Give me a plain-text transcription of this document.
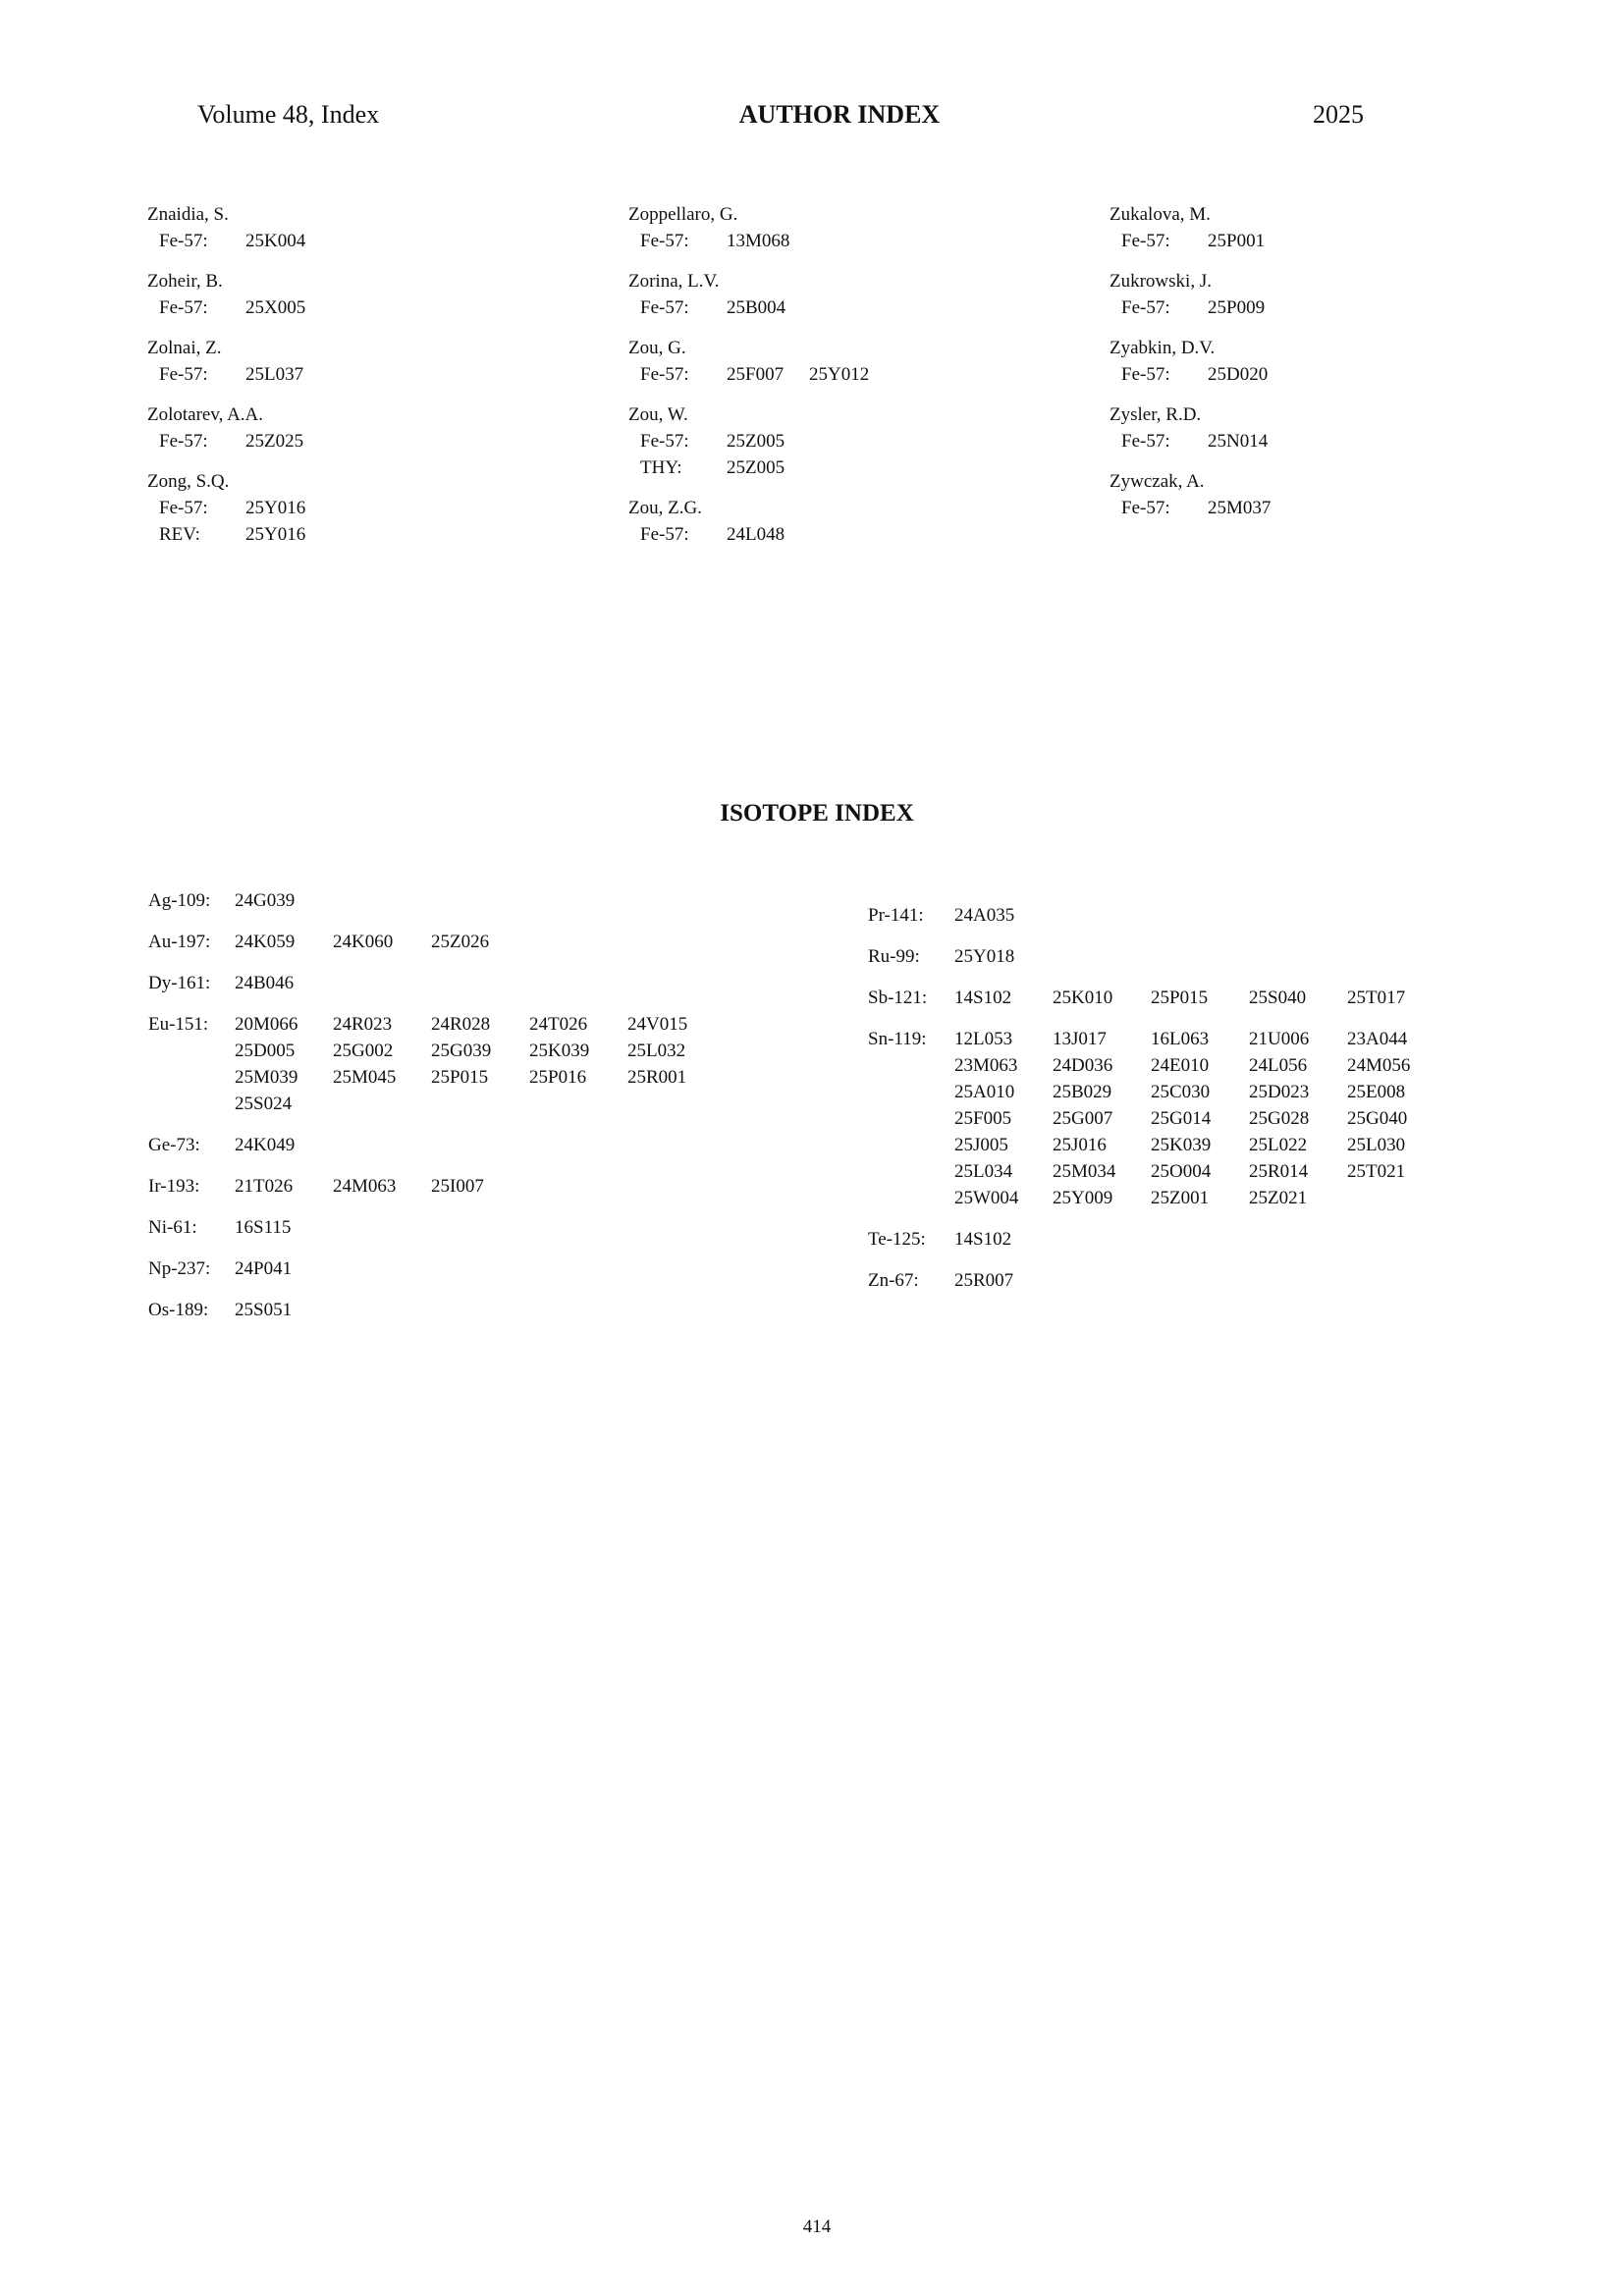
Volume 48, Index	AUTHOR INDEX	2025
Znaidia, S.
Fe-57: 25K004
Zoheir, B.
Fe-57: 25X005
Zolnai, Z.
Fe-57: 25L037
Zolotarev, A.A.
Fe-57: 25Z025
Zong, S.Q.
Fe-57: 25Y016
REV: 25Y016
Zoppellaro, G.
Fe-57: 13M068
Zorina, L.V.
Fe-57: 25B004
Zou, G.
Fe-57: 25F007 25Y012
Zou, W.
Fe-57: 25Z005
THY: 25Z005
Zou, Z.G.
Fe-57: 24L048
Zukalova, M.
Fe-57: 25P001
Zukrowski, J.
Fe-57: 25P009
Zyabkin, D.V.
Fe-57: 25D020
Zysler, R.D.
Fe-57: 25N014
Zywczak, A.
Fe-57: 25M037
ISOTOPE INDEX
Ag-109:	24G039
Au-197:	24K059	24K060	25Z026
Dy-161:	24B046
Eu-151:	20M066	24R023	24R028	24T026	24V015
25D005	25G002	25G039	25K039	25L032
25M039	25M045	25P015	25P016	25R001
25S024
Ge-73:	24K049
Ir-193:	21T026	24M063	25I007
Ni-61:	16S115
Np-237:	24P041
Os-189:	25S051
Pr-141:	24A035
Ru-99:	25Y018
Sb-121:	14S102	25K010	25P015	25S040	25T017
Sn-119:	12L053	13J017	16L063	21U006	23A044
23M063	24D036	24E010	24L056	24M056
25A010	25B029	25C030	25D023	25E008
25F005	25G007	25G014	25G028	25G040
25J005	25J016	25K039	25L022	25L030
25L034	25M034	25O004	25R014	25T021
25W004	25Y009	25Z001	25Z021
Te-125:	14S102
Zn-67:	25R007
414
